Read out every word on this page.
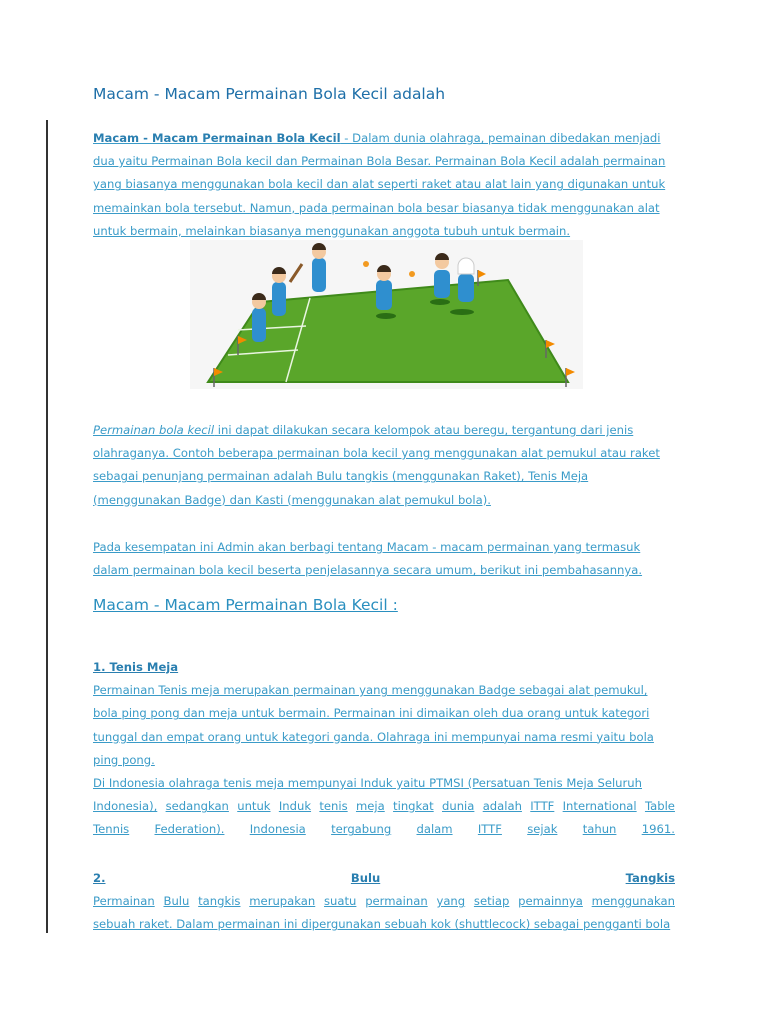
Macam - Macam Permainan Bola Kecil adalah
Macam - Macam Permainan Bola Kecil - Dalam dunia olahraga, pemainan dibedakan menjadi
dua yaitu Permainan Bola kecil dan Permainan Bola Besar. Permainan Bola Kecil adalah permainan
yang biasanya menggunakan bola kecil dan alat seperti raket atau alat lain yang digunakan untuk
memainkan bola tersebut. Namun, pada permainan bola besar biasanya tidak menggunakan alat
untuk bermain, melainkan biasanya menggunakan anggota tubuh untuk bermain.
Permainan bola kecil ini dapat dilakukan secara kelompok atau beregu, tergantung dari jenis
olahraganya. Contoh beberapa permainan bola kecil yang menggunakan alat pemukul atau raket
sebagai penunjang permainan adalah Bulu tangkis (menggunakan Raket), Tenis Meja
(menggunakan Badge) dan Kasti (menggunakan alat pemukul bola).
Pada kesempatan ini Admin akan berbagi tentang Macam - macam permainan yang termasuk
dalam permainan bola kecil beserta penjelasannya secara umum, berikut ini pembahasannya.
Macam - Macam Permainan Bola Kecil :
1. Tenis Meja
Permainan Tenis meja merupakan permainan yang menggunakan Badge sebagai alat pemukul,
bola ping pong dan meja untuk bermain. Permainan ini dimaikan oleh dua orang untuk kategori
tunggal dan empat orang untuk kategori ganda. Olahraga ini mempunyai nama resmi yaitu bola
ping pong.
Di Indonesia olahraga tenis meja mempunyai Induk yaitu PTMSI (Persatuan Tenis Meja Seluruh
Indonesia), sedangkan untuk Induk tenis meja tingkat dunia adalah ITTF International Table
Tennis Federation). Indonesia tergabung dalam ITTF sejak tahun 1961.
2.	Bulu	Tangkis
Permainan Bulu tangkis merupakan suatu permainan yang setiap pemainnya menggunakan
sebuah raket. Dalam permainan ini dipergunakan sebuah kok (shuttlecock) sebagai pengganti bola
